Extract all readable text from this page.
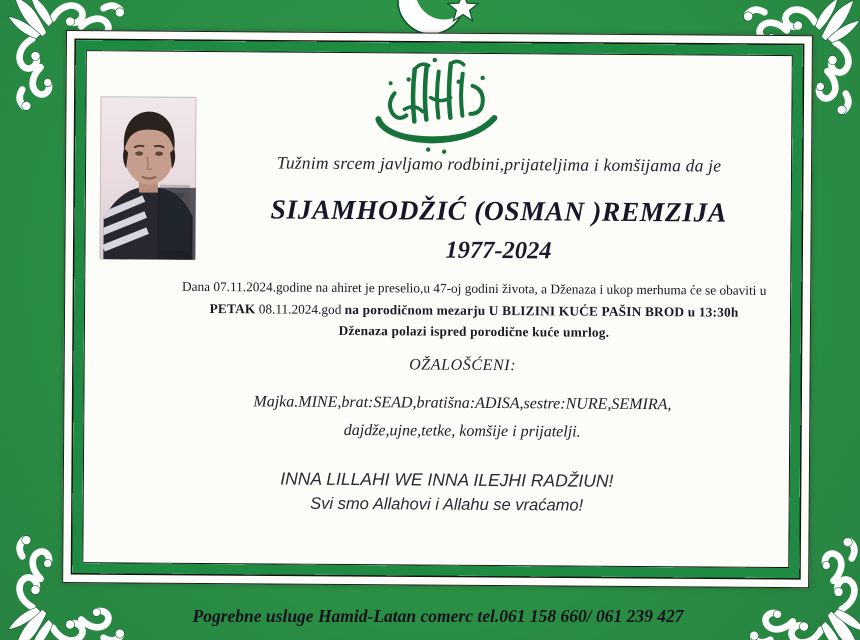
Б
Tužnim srcem javljamo rodbini,prijateljima i komšijama da je
SIJAMHODŽIĆ (OSMAN )REMZIJA
1977-2024
Dana 07.11.2024.godine na ahiret je preselio,u 47-oj godini života, a Dženaza i ukop merhuma će se obaviti u
PETAK 08.11.2024.god na porodičnom mezarju U BLIZINI KUĆE PAŠIN BROD u 13:30h
Dženaza polazi ispred porodične kuće umrlog.
OŽALOŠĆENI:
Majka.MINE,brat:SEAD,bratišna:ADISA,sestre:NURE,SEMIRA,
dajdže,ujne,tetke, komšije i prijatelji.
INNA LILLAHI WE INNA ILEJHI RADŽIUN!
Svi smo Allahovi i Allahu se vraćamo!
Pogrebne usluge Hamid-Latan comerc tel.061 158 660/ 061 239 427
